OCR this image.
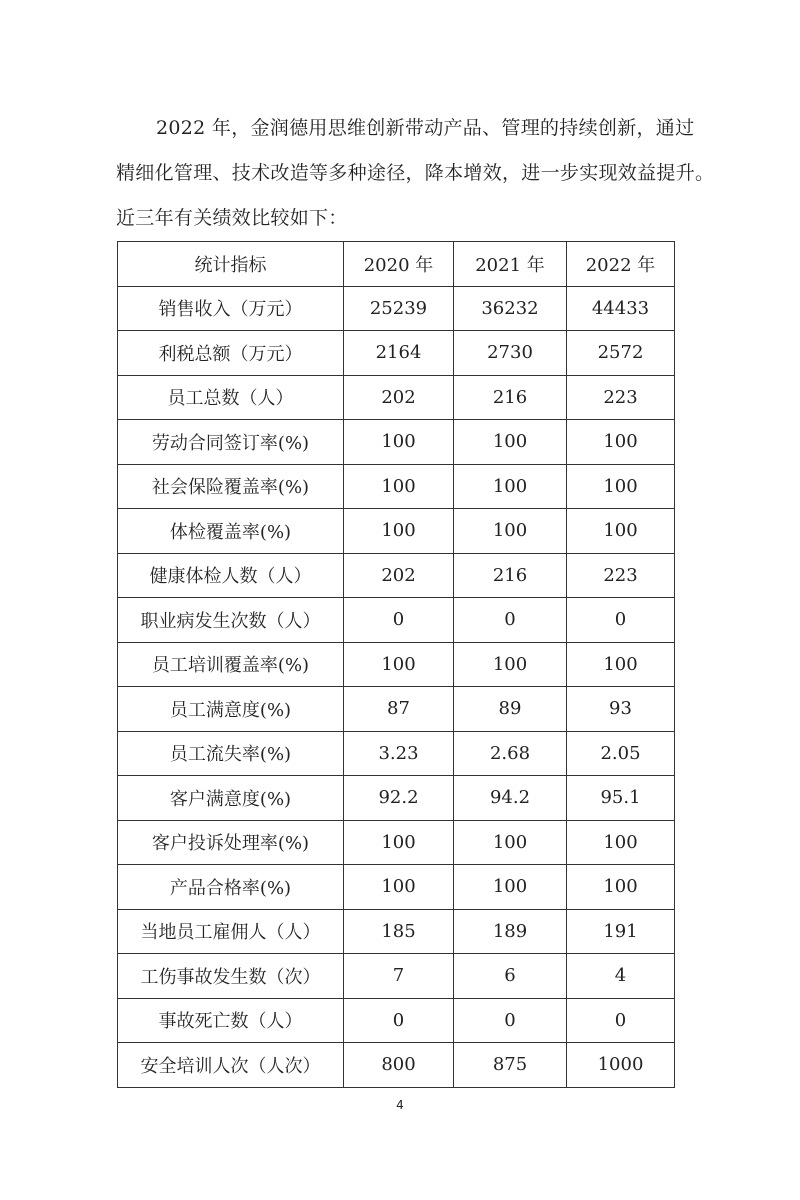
2022 年，金润德用思维创新带动产品、管理的持续创新，通过
精细化管理、技术改造等多种途径，降本增效，进一步实现效益提升。
近三年有关绩效比较如下：
统计指标	2020 年	2021 年	2022 年
销售收入（万元）	25239	36232	44433
利税总额（万元）	2164	2730	2572
员工总数（人）	202	216	223
劳动合同签订率(%)	100	100	100
社会保险覆盖率(%)	100	100	100
体检覆盖率(%)	100	100	100
健康体检人数（人）	202	216	223
职业病发生次数（人）	0	0	0
员工培训覆盖率(%)	100	100	100
员工满意度(%)	87	89	93
员工流失率(%)	3.23	2.68	2.05
客户满意度(%)	92.2	94.2	95.1
客户投诉处理率(%)	100	100	100
产品合格率(%)	100	100	100
当地员工雇佣人（人）	185	189	191
工伤事故发生数（次）	7	6	4
事故死亡数（人）	0	0	0
安全培训人次（人次）	800	875	1000
4
